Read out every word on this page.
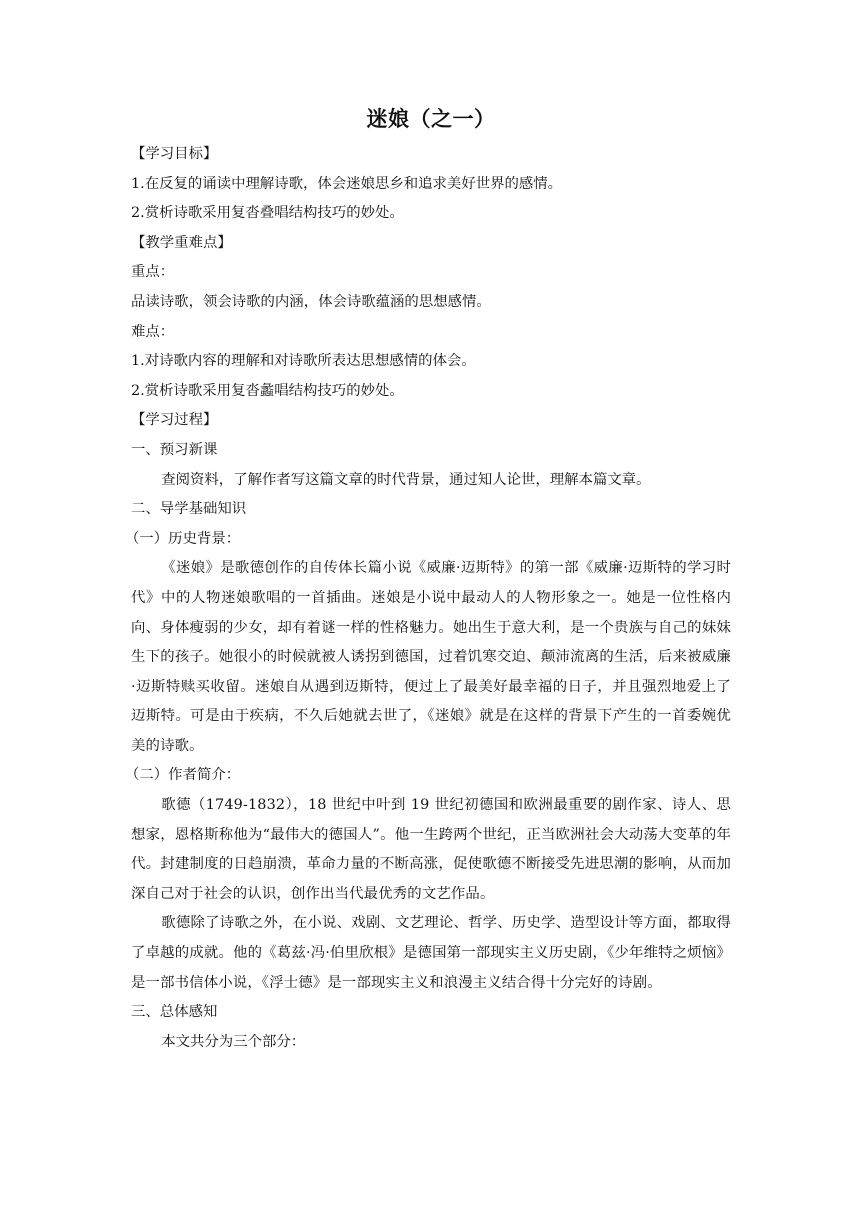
迷娘（之一）

【学习目标】

1.在反复的诵读中理解诗歌，体会迷娘思乡和追求美好世界的感情。

2.赏析诗歌采用复沓叠唱结构技巧的妙处。

【教学重难点】

重点：

品读诗歌，领会诗歌的内涵，体会诗歌蕴涵的思想感情。

难点：

1.对诗歌内容的理解和对诗歌所表达思想感情的体会。

2.赏析诗歌采用复沓蠡唱结构技巧的妙处。

【学习过程】

一、预习新课

查阅资料，了解作者写这篇文章的时代背景，通过知人论世，理解本篇文章。

二、导学基础知识

（一）历史背景：

《迷娘》是歌德创作的自传体长篇小说《威廉·迈斯特》的第一部《威廉·迈斯特的学习时代》中的人物迷娘歌唱的一首插曲。迷娘是小说中最动人的人物形象之一。她是一位性格内向、身体瘦弱的少女，却有着谜一样的性格魅力。她出生于意大利，是一个贵族与自己的妹妹生下的孩子。她很小的时候就被人诱拐到德国，过着饥寒交迫、颠沛流离的生活，后来被威廉·迈斯特赎买收留。迷娘自从遇到迈斯特，便过上了最美好最幸福的日子，并且强烈地爱上了迈斯特。可是由于疾病，不久后她就去世了，《迷娘》就是在这样的背景下产生的一首委婉优美的诗歌。

（二）作者简介：

歌德（1749-1832），18 世纪中叶到 19 世纪初德国和欧洲最重要的剧作家、诗人、思想家，恩格斯称他为“最伟大的德国人”。他一生跨两个世纪，正当欧洲社会大动荡大变革的年代。封建制度的日趋崩溃，革命力量的不断高涨，促使歌德不断接受先进思潮的影响，从而加深自己对于社会的认识，创作出当代最优秀的文艺作品。

歌德除了诗歌之外，在小说、戏剧、文艺理论、哲学、历史学、造型设计等方面，都取得了卓越的成就。他的《葛兹·冯·伯里欣根》是德国第一部现实主义历史剧，《少年维特之烦恼》是一部书信体小说，《浮士德》是一部现实主义和浪漫主义结合得十分完好的诗剧。

三、总体感知

本文共分为三个部分：
